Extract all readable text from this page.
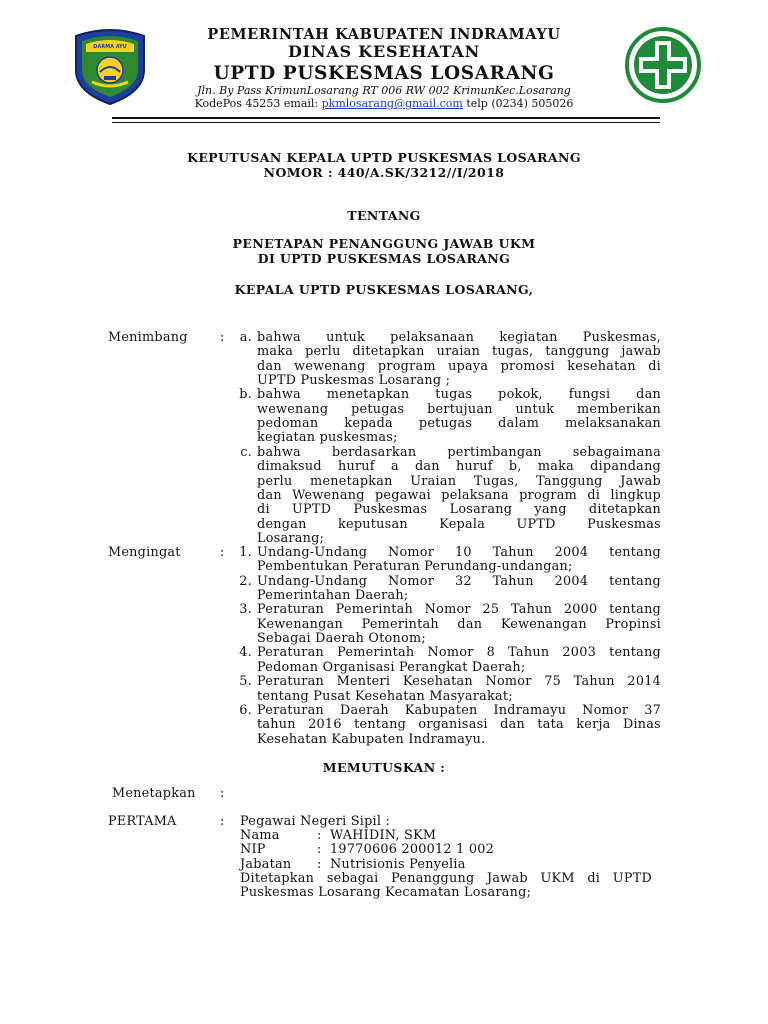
DARMA AYU
PEMERINTAH KABUPATEN INDRAMAYU
DINAS KESEHATAN
UPTD PUSKESMAS LOSARANG
Jln. By Pass KrimunLosarang RT 006 RW 002 KrimunKec.Losarang
KodePos 45253 email: pkmlosarang@gmail.com telp (0234) 505026
KEPUTUSAN KEPALA UPTD PUSKESMAS LOSARANG
NOMOR : 440/A.SK/3212//I/2018
TENTANG
PENETAPAN PENANGGUNG JAWAB UKM
DI UPTD PUSKESMAS LOSARANG
KEPALA UPTD PUSKESMAS LOSARANG,
Menimbang	:	a. bahwa untuk pelaksanaan kegiatan Puskesmas,
maka perlu ditetapkan uraian tugas, tanggung jawab
dan wewenang program upaya promosi kesehatan di
UPTD Puskesmas Losarang ;
b. bahwa menetapkan tugas pokok, fungsi dan
wewenang petugas bertujuan untuk memberikan
pedoman kepada petugas dalam melaksanakan
kegiatan puskesmas;
c. bahwa berdasarkan pertimbangan sebagaimana
dimaksud huruf a dan huruf b, maka dipandang
perlu menetapkan Uraian Tugas, Tanggung Jawab
dan Wewenang pegawai pelaksana program di lingkup
di UPTD Puskesmas Losarang yang ditetapkan
dengan keputusan Kepala UPTD Puskesmas
Losarang;
Mengingat	:	1. Undang-Undang Nomor 10 Tahun 2004 tentang
Pembentukan Peraturan Perundang-undangan;
2. Undang-Undang Nomor 32 Tahun 2004 tentang
Pemerintahan Daerah;
3. Peraturan Pemerintah Nomor 25 Tahun 2000 tentang
Kewenangan Pemerintah dan Kewenangan Propinsi
Sebagai Daerah Otonom;
4. Peraturan Pemerintah Nomor 8 Tahun 2003 tentang
Pedoman Organisasi Perangkat Daerah;
5. Peraturan Menteri Kesehatan Nomor 75 Tahun 2014
tentang Pusat Kesehatan Masyarakat;
6. Peraturan Daerah Kabupaten Indramayu Nomor 37
tahun 2016 tentang organisasi dan tata kerja Dinas
Kesehatan Kabupaten Indramayu.
MEMUTUSKAN :
Menetapkan :
PERTAMA	: Pegawai Negeri Sipil :
Nama	: WAHIDIN, SKM
NIP	: 19770606 200012 1 002
Jabatan : Nutrisionis Penyelia
Ditetapkan sebagai Penanggung Jawab UKM di UPTD
Puskesmas Losarang Kecamatan Losarang;
